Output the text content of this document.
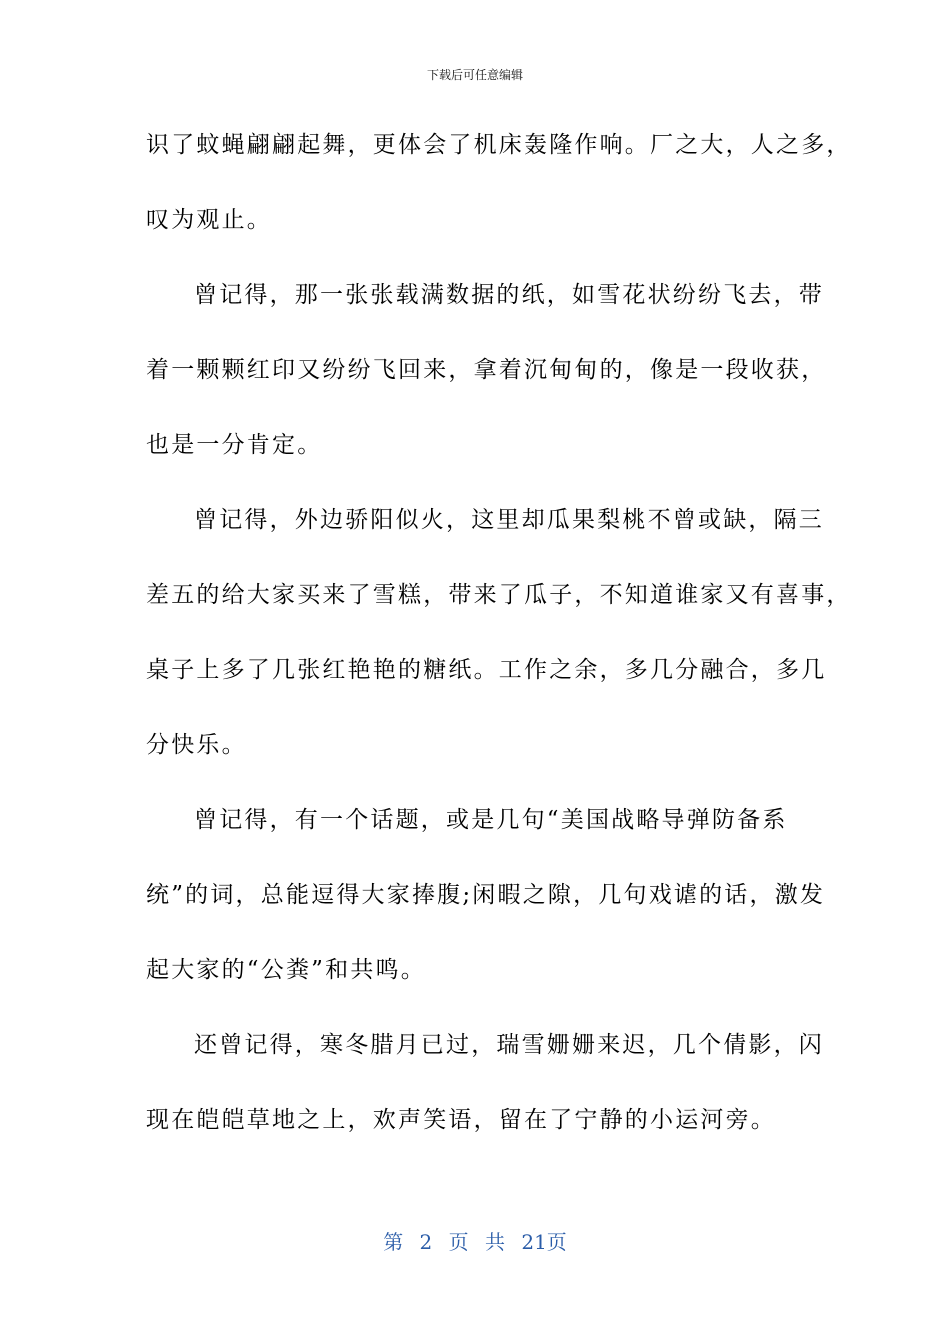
下载后可任意编辑
识了蚊蝇翩翩起舞，更体会了机床轰隆作响。厂之大，人之多，
叹为观止。
曾记得，那一张张载满数据的纸，如雪花状纷纷飞去，带
着一颗颗红印又纷纷飞回来，拿着沉甸甸的，像是一段收获，
也是一分肯定。
曾记得，外边骄阳似火，这里却瓜果梨桃不曾或缺，隔三
差五的给大家买来了雪糕，带来了瓜子，不知道谁家又有喜事，
桌子上多了几张红艳艳的糖纸。工作之余，多几分融合，多几
分快乐。
曾记得，有一个话题，或是几句“美国战略导弹防备系
统”的词，总能逗得大家捧腹;闲暇之隙，几句戏谑的话，激发
起大家的“公粪”和共鸣。
还曾记得，寒冬腊月已过，瑞雪姗姗来迟，几个倩影，闪
现在皑皑草地之上，欢声笑语，留在了宁静的小运河旁。
第 2 页 共 21页
